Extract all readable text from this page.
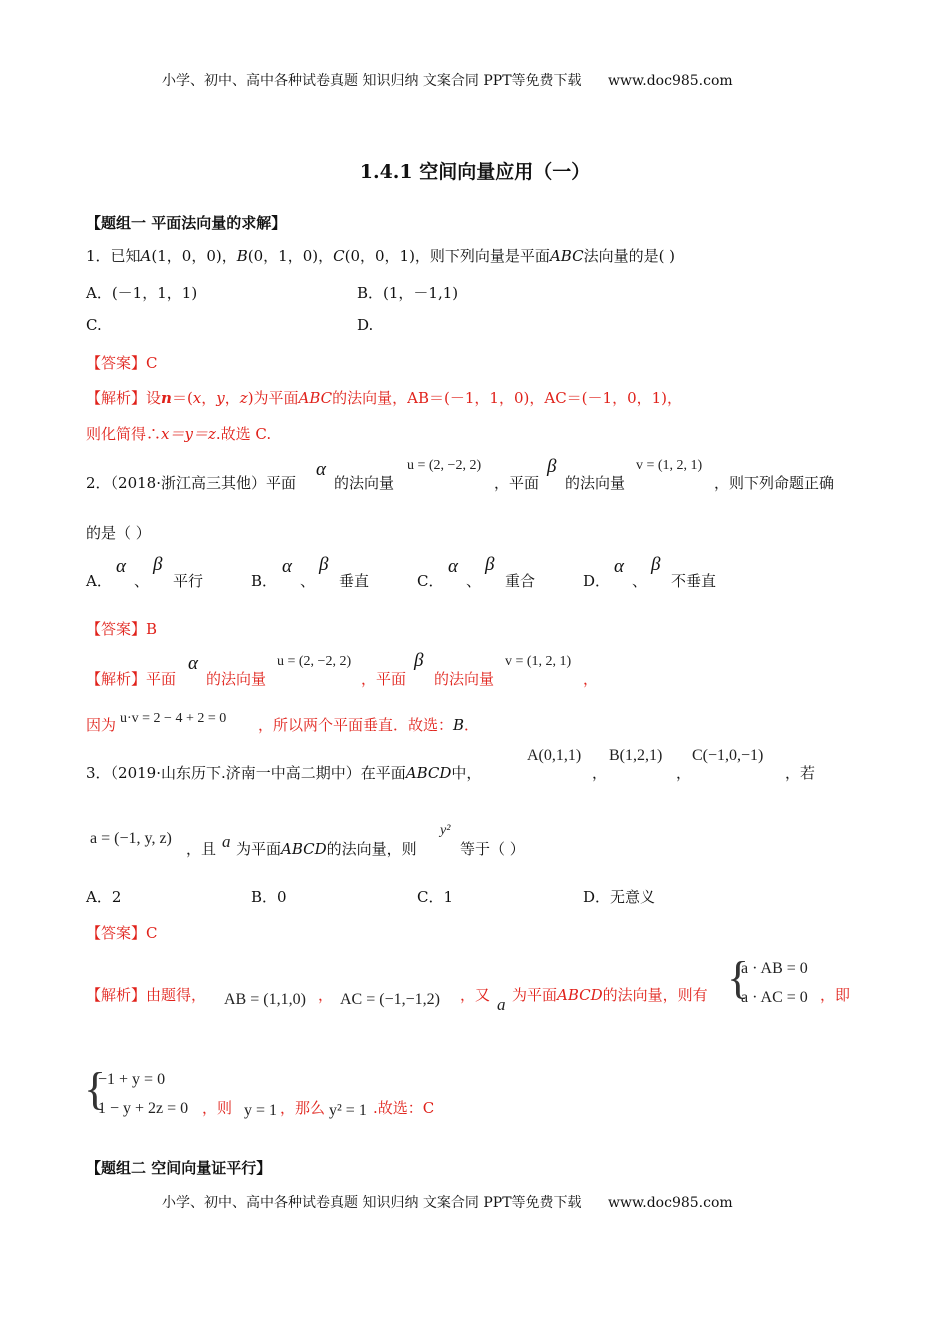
小学、初中、高中各种试卷真题 知识归纳 文案合同 PPT等免费下载 www.doc985.com
1.4.1 空间向量应用（一）
【题组一 平面法向量的求解】
1．已知A(1，0，0)，B(0，1，0)，C(0，0，1)，则下列向量是平面ABC法向量的是( )
A．(－1，1，1)	B．(1，－1,1)
C.	D.
【答案】C
【解析】设n＝(x，y，z)为平面ABC的法向量，AB＝(－1，1，0)，AC＝(－1，0，1)，
则化简得∴x＝y＝z.故选 C.
2．（2018·浙江高三其他）平面
α
的法向量
u = (2, −2, 2)
，平面
β
的法向量
v = (1, 2, 1)
，则下列命题正确
的是（ ）
A．
α
、
β
平行	B．
α
、
β
垂直	C．
α
、
β
重合	D．
α
、
β
不垂直
【答案】B
【解析】平面
α
的法向量
u = (2, −2, 2)
，平面
β
的法向量
v = (1, 2, 1)
，
因为 u·v = 2 − 4 + 2 = 0 ，所以两个平面垂直．故选：B．
3．（2019·山东历下.济南一中高二期中）在平面ABCD中，
A(0,1,1)
，
B(1,2,1)
，
C(−1,0,−1)
，若
a = (−1, y, z)
，且 a 为平面ABCD的法向量，则
y²
等于（ ）
A．2	B．0	C．1	D．无意义
【答案】C
【解析】由题得， AB = (1,1,0) ， AC = (−1,−1,2) ，又 a 为平面ABCD的法向量，则有 {
a · AB = 0
a · AC = 0 ，即
{
−1 + y = 0
1 − y + 2z = 0 ，则 y = 1 ，那么 y² = 1 .故选：C
【题组二 空间向量证平行】
小学、初中、高中各种试卷真题 知识归纳 文案合同 PPT等免费下载 www.doc985.com
